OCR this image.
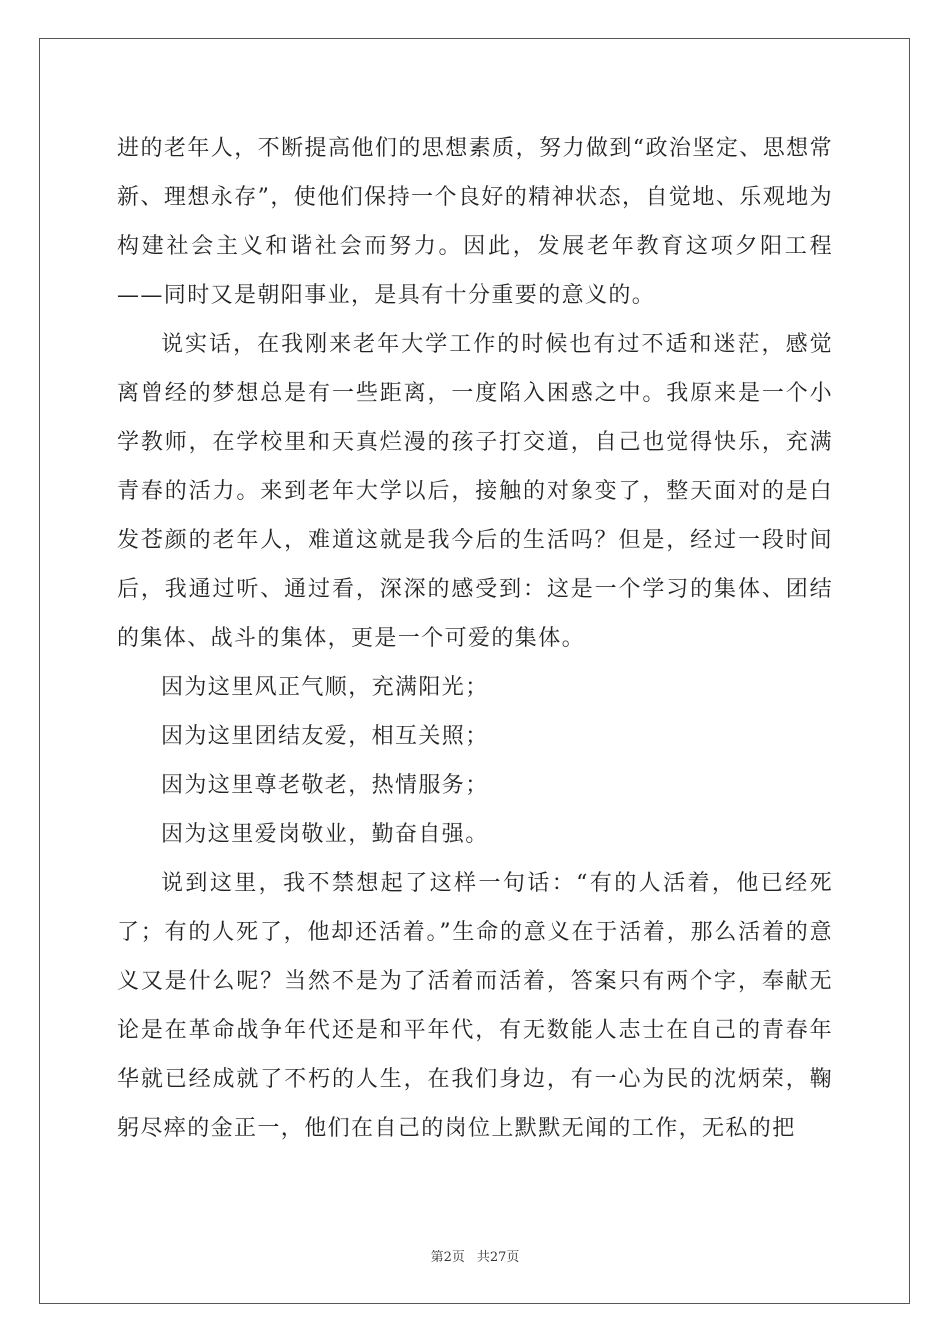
进的老年人，不断提高他们的思想素质，努力做到“政治坚定、思想常新、理想永存”，使他们保持一个良好的精神状态，自觉地、乐观地为构建社会主义和谐社会而努力。因此，发展老年教育这项夕阳工程——同时又是朝阳事业，是具有十分重要的意义的。

说实话，在我刚来老年大学工作的时候也有过不适和迷茫，感觉离曾经的梦想总是有一些距离，一度陷入困惑之中。我原来是一个小学教师，在学校里和天真烂漫的孩子打交道，自己也觉得快乐，充满青春的活力。来到老年大学以后，接触的对象变了，整天面对的是白发苍颜的老年人，难道这就是我今后的生活吗？但是，经过一段时间后，我通过听、通过看，深深的感受到：这是一个学习的集体、团结的集体、战斗的集体，更是一个可爱的集体。

因为这里风正气顺，充满阳光；

因为这里团结友爱，相互关照；

因为这里尊老敬老，热情服务；

因为这里爱岗敬业，勤奋自强。

说到这里，我不禁想起了这样一句话：“有的人活着，他已经死了；有的人死了，他却还活着。”生命的意义在于活着，那么活着的意义又是什么呢？当然不是为了活着而活着，答案只有两个字，奉献无论是在革命战争年代还是和平年代，有无数能人志士在自己的青春年华就已经成就了不朽的人生，在我们身边，有一心为民的沈炳荣，鞠躬尽瘁的金正一，他们在自己的岗位上默默无闻的工作，无私的把

第2页 共27页
